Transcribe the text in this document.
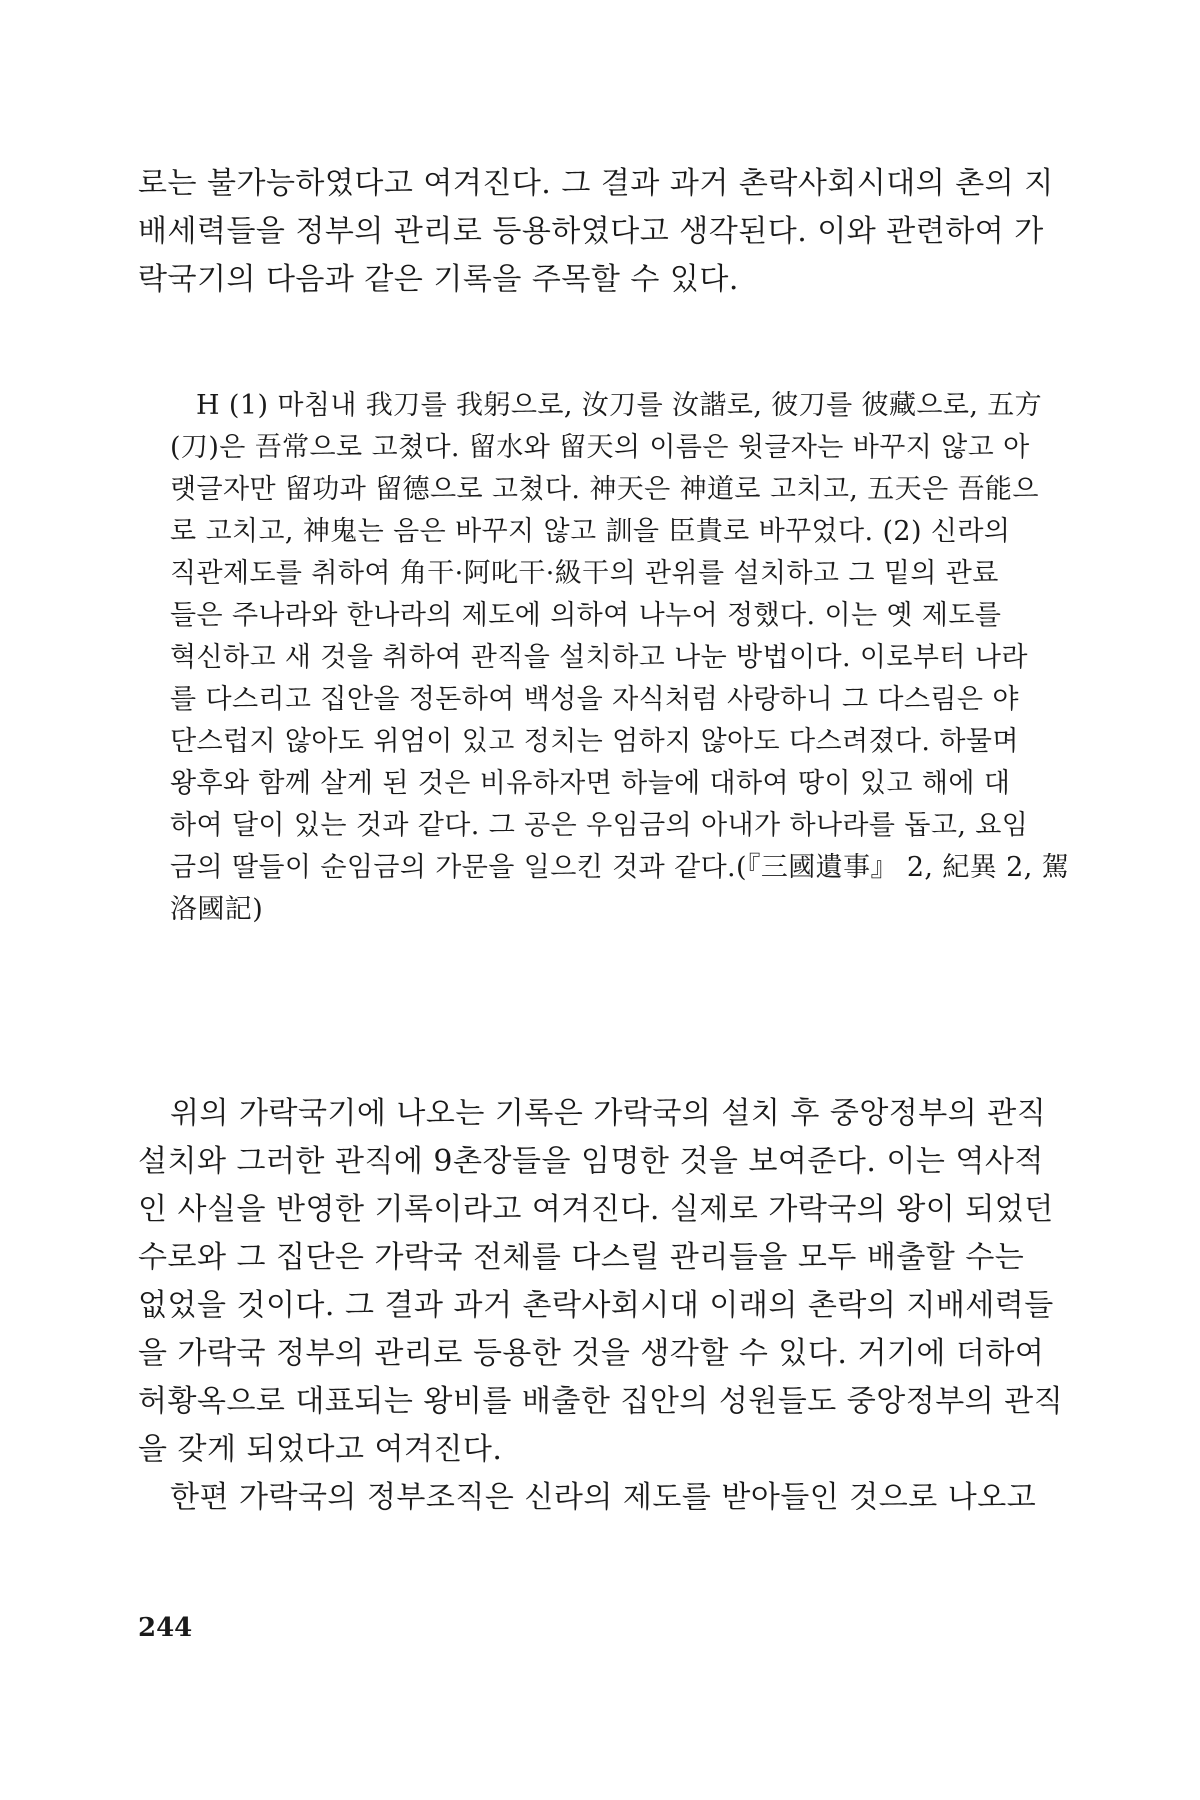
로는 불가능하였다고 여겨진다. 그 결과 과거 촌락사회시대의 촌의 지
배세력들을 정부의 관리로 등용하였다고 생각된다. 이와 관련하여 가
락국기의 다음과 같은 기록을 주목할 수 있다.
H (1) 마침내 我刀를 我躬으로, 汝刀를 汝諧로, 彼刀를 彼藏으로, 五方
(刀)은 吾常으로 고쳤다. 留水와 留天의 이름은 윗글자는 바꾸지 않고 아
랫글자만 留功과 留德으로 고쳤다. 神天은 神道로 고치고, 五天은 吾能으
로 고치고, 神鬼는 음은 바꾸지 않고 訓을 臣貴로 바꾸었다. (2) 신라의
직관제도를 취하여 角干·阿叱干·級干의 관위를 설치하고 그 밑의 관료
들은 주나라와 한나라의 제도에 의하여 나누어 정했다. 이는 옛 제도를
혁신하고 새 것을 취하여 관직을 설치하고 나눈 방법이다. 이로부터 나라
를 다스리고 집안을 정돈하여 백성을 자식처럼 사랑하니 그 다스림은 야
단스럽지 않아도 위엄이 있고 정치는 엄하지 않아도 다스려졌다. 하물며
왕후와 함께 살게 된 것은 비유하자면 하늘에 대하여 땅이 있고 해에 대
하여 달이 있는 것과 같다. 그 공은 우임금의 아내가 하나라를 돕고, 요임
금의 딸들이 순임금의 가문을 일으킨 것과 같다.(『三國遺事』 2, 紀異 2, 駕
洛國記)
위의 가락국기에 나오는 기록은 가락국의 설치 후 중앙정부의 관직
설치와 그러한 관직에 9촌장들을 임명한 것을 보여준다. 이는 역사적
인 사실을 반영한 기록이라고 여겨진다. 실제로 가락국의 왕이 되었던
수로와 그 집단은 가락국 전체를 다스릴 관리들을 모두 배출할 수는
없었을 것이다. 그 결과 과거 촌락사회시대 이래의 촌락의 지배세력들
을 가락국 정부의 관리로 등용한 것을 생각할 수 있다. 거기에 더하여
허황옥으로 대표되는 왕비를 배출한 집안의 성원들도 중앙정부의 관직
을 갖게 되었다고 여겨진다.
한편 가락국의 정부조직은 신라의 제도를 받아들인 것으로 나오고
244
